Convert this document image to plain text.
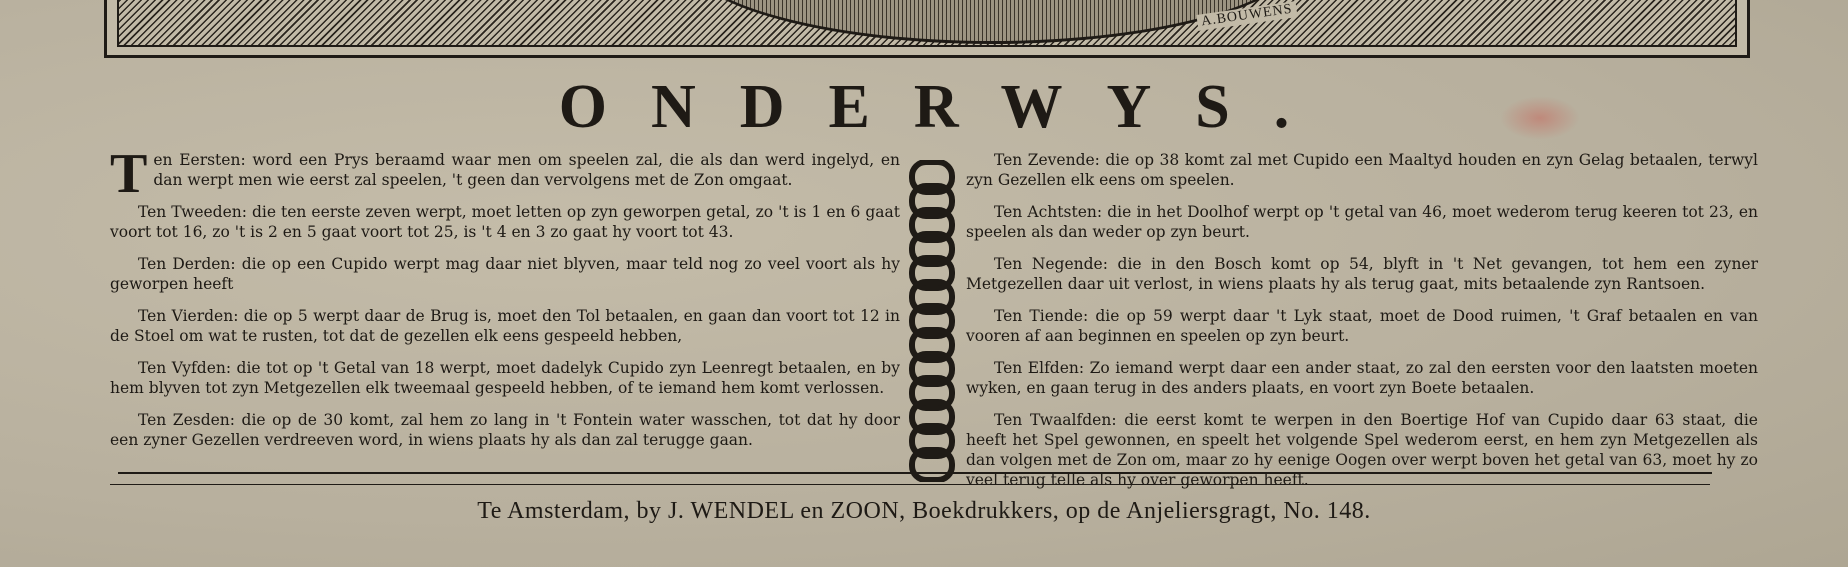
A.BOUWENS
ONDERWYS.

Ten Eersten: word een Prys beraamd waar men om speelen zal, die als dan werd ingelyd, en dan werpt men wie eerst zal speelen, 't geen dan vervolgens met de Zon omgaat.

Ten Tweeden: die ten eerste zeven werpt, moet letten op zyn geworpen getal, zo 't is 1 en 6 gaat voort tot 16, zo 't is 2 en 5 gaat voort tot 25, is 't 4 en 3 zo gaat hy voort tot 43.

Ten Derden: die op een Cupido werpt mag daar niet blyven, maar teld nog zo veel voort als hy geworpen heeft

Ten Vierden: die op 5 werpt daar de Brug is, moet den Tol betaalen, en gaan dan voort tot 12 in de Stoel om wat te rusten, tot dat de gezellen elk eens gespeeld hebben,

Ten Vyfden: die tot op 't Getal van 18 werpt, moet dadelyk Cupido zyn Leenregt betaalen, en by hem blyven tot zyn Metgezellen elk tweemaal gespeeld hebben, of te iemand hem komt verlossen.

Ten Zesden: die op de 30 komt, zal hem zo lang in 't Fontein water wasschen, tot dat hy door een zyner Gezellen verdreeven word, in wiens plaats hy als dan zal terugge gaan.

Ten Zevende: die op 38 komt zal met Cupido een Maaltyd houden en zyn Gelag betaalen, terwyl zyn Gezellen elk eens om speelen.

Ten Achtsten: die in het Doolhof werpt op 't getal van 46, moet wederom terug keeren tot 23, en speelen als dan weder op zyn beurt.

Ten Negende: die in den Bosch komt op 54, blyft in 't Net gevangen, tot hem een zyner Metgezellen daar uit verlost, in wiens plaats hy als terug gaat, mits betaalende zyn Rantsoen.

Ten Tiende: die op 59 werpt daar 't Lyk staat, moet de Dood ruimen, 't Graf betaalen en van vooren af aan beginnen en speelen op zyn beurt.

Ten Elfden: Zo iemand werpt daar een ander staat, zo zal den eersten voor den laatsten moeten wyken, en gaan terug in des anders plaats, en voort zyn Boete betaalen.

Ten Twaalfden: die eerst komt te werpen in den Boertige Hof van Cupido daar 63 staat, die heeft het Spel gewonnen, en speelt het volgende Spel wederom eerst, en hem zyn Metgezellen als dan volgen met de Zon om, maar zo hy eenige Oogen over werpt boven het getal van 63, moet hy zo veel terug telle als hy over geworpen heeft.

Te Amsterdam, by J. WENDEL en ZOON, Boekdrukkers, op de Anjeliersgragt, No. 148.
